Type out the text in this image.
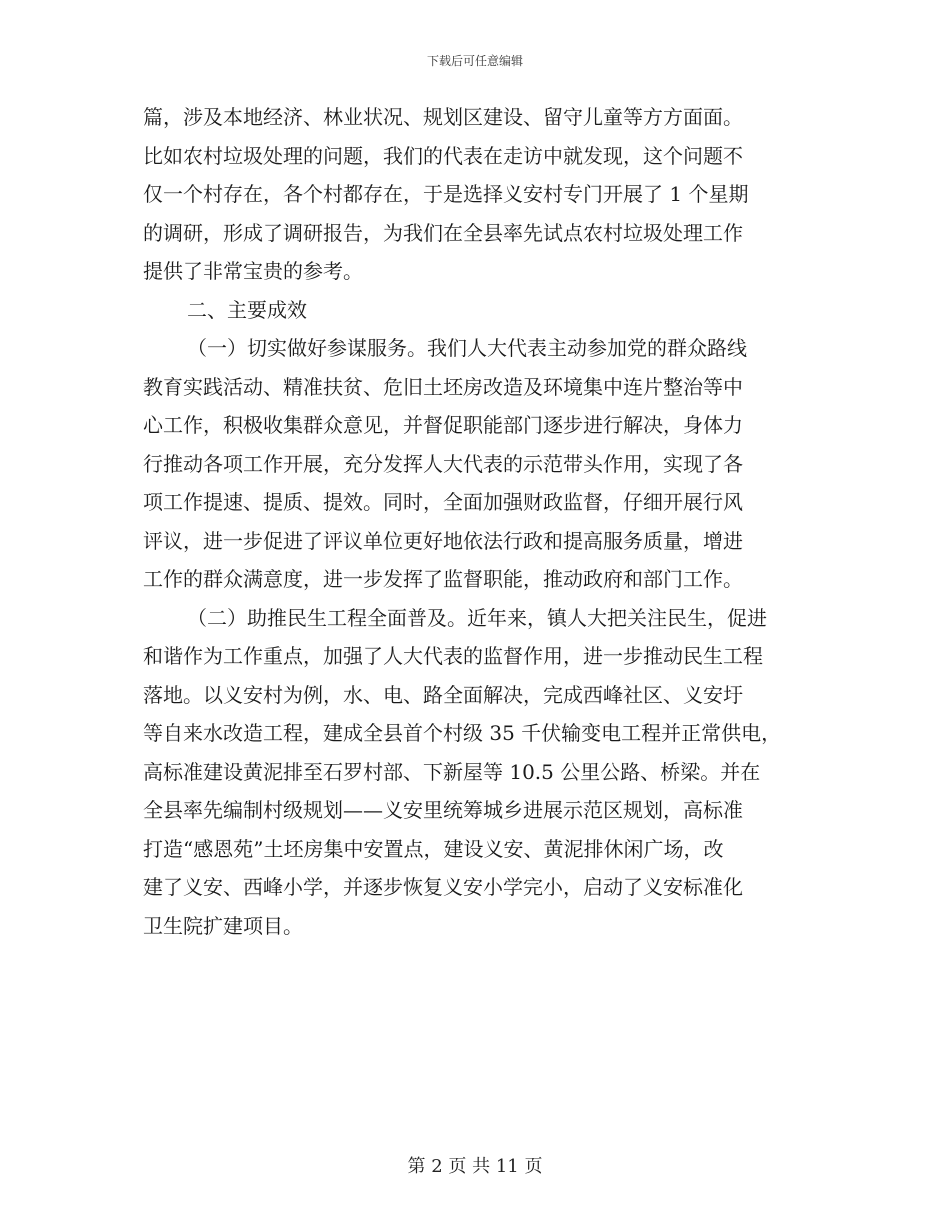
下载后可任意编辑
篇，涉及本地经济、林业状况、规划区建设、留守儿童等方方面面。
比如农村垃圾处理的问题，我们的代表在走访中就发现，这个问题不
仅一个村存在，各个村都存在，于是选择义安村专门开展了 1 个星期
的调研，形成了调研报告，为我们在全县率先试点农村垃圾处理工作
提供了非常宝贵的参考。
二、主要成效
（一）切实做好参谋服务。我们人大代表主动参加党的群众路线
教育实践活动、精准扶贫、危旧土坯房改造及环境集中连片整治等中
心工作，积极收集群众意见，并督促职能部门逐步进行解决，身体力
行推动各项工作开展，充分发挥人大代表的示范带头作用，实现了各
项工作提速、提质、提效。同时，全面加强财政监督，仔细开展行风
评议，进一步促进了评议单位更好地依法行政和提高服务质量，增进
工作的群众满意度，进一步发挥了监督职能，推动政府和部门工作。
（二）助推民生工程全面普及。近年来，镇人大把关注民生，促进
和谐作为工作重点，加强了人大代表的监督作用，进一步推动民生工程
落地。以义安村为例，水、电、路全面解决，完成西峰社区、义安圩
等自来水改造工程，建成全县首个村级 35 千伏输变电工程并正常供电，
高标准建设黄泥排至石罗村部、下新屋等 10.5 公里公路、桥梁。并在
全县率先编制村级规划——义安里统筹城乡进展示范区规划，高标准
打造“感恩苑”土坯房集中安置点，建设义安、黄泥排休闲广场，改
建了义安、西峰小学，并逐步恢复义安小学完小，启动了义安标准化
卫生院扩建项目。
第 2 页 共 11 页
